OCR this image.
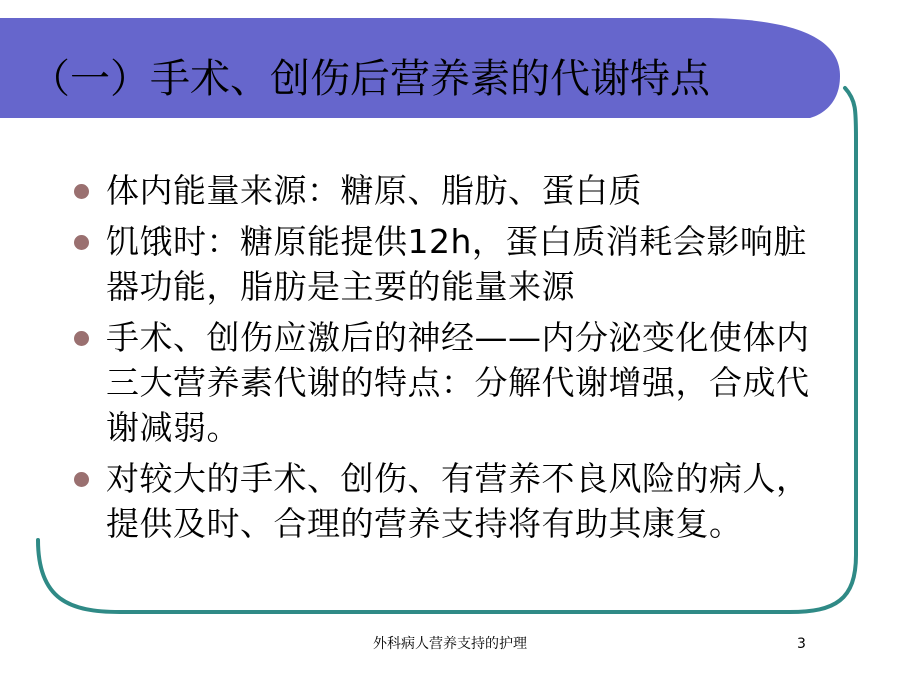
（一）手术、创伤后营养素的代谢特点
体内能量来源：糖原、脂肪、蛋白质
饥饿时：糖原能提供12h，蛋白质消耗会影响脏器功能，脂肪是主要的能量来源
手术、创伤应激后的神经——内分泌变化使体内三大营养素代谢的特点：分解代谢增强，合成代谢减弱。
对较大的手术、创伤、有营养不良风险的病人，提供及时、合理的营养支持将有助其康复。
外科病人营养支持的护理	3
